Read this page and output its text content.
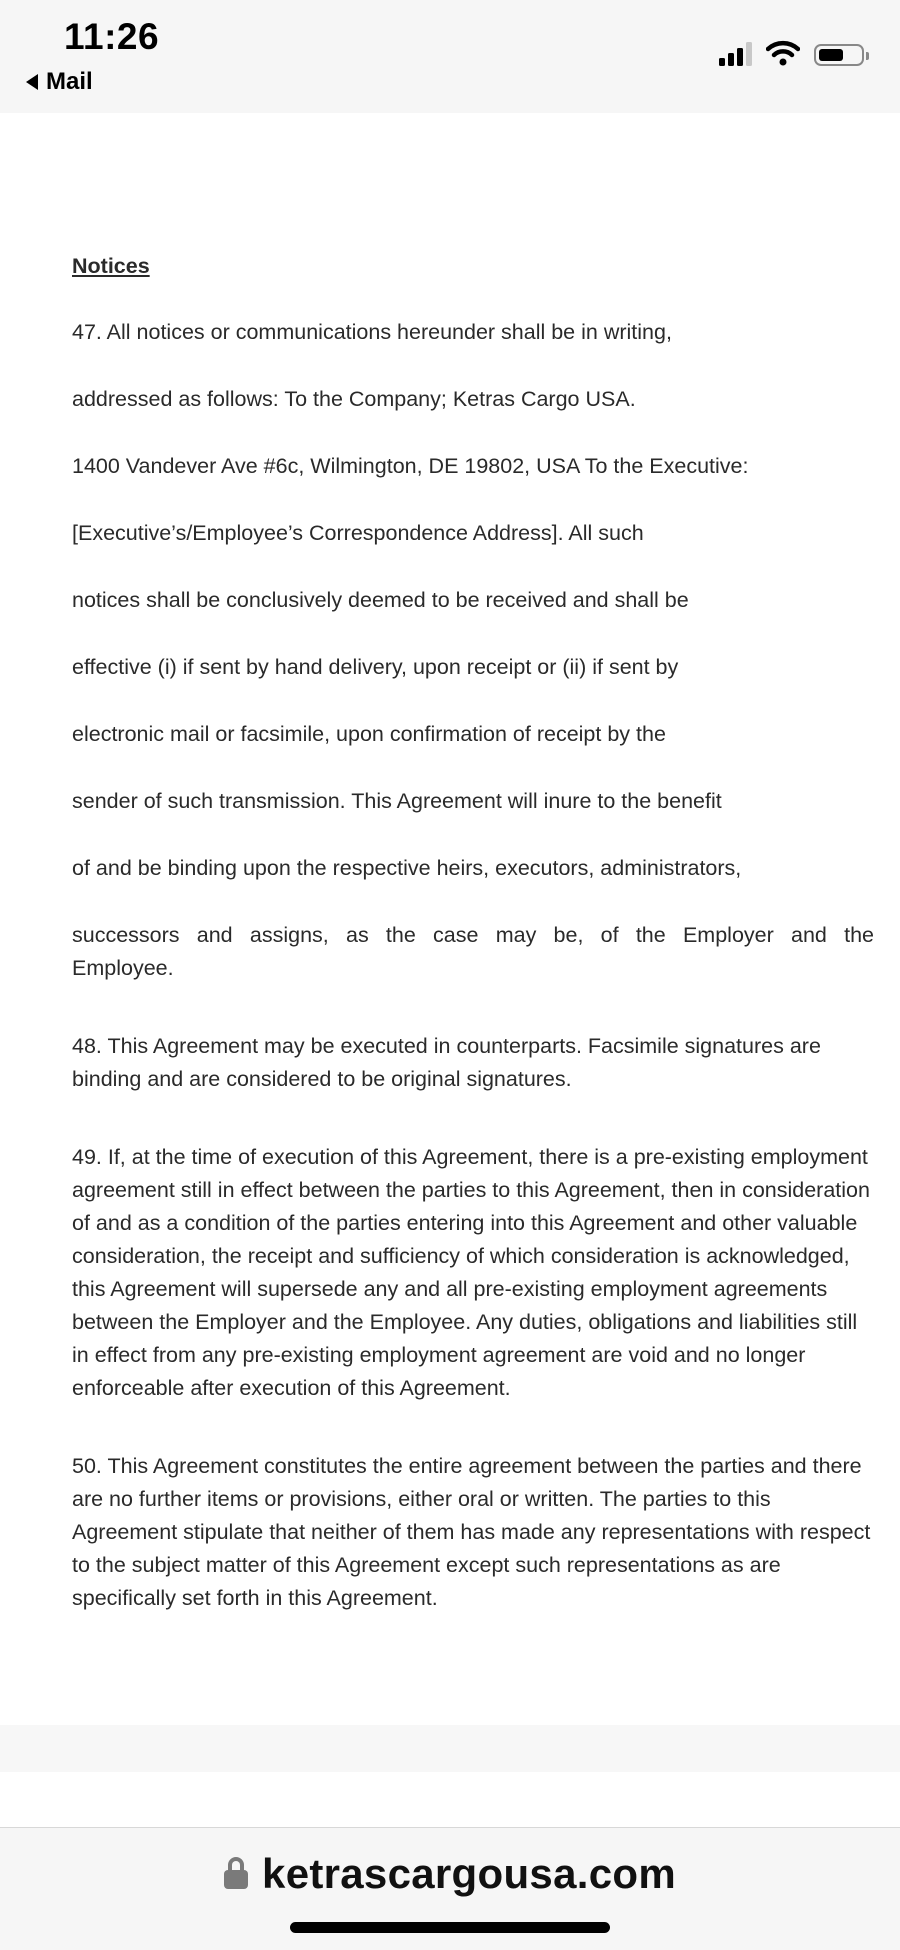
11:26
Mail

Notices

47. All notices or communications hereunder shall be in writing,

addressed as follows: To the Company; Ketras Cargo USA.

1400 Vandever Ave #6c, Wilmington, DE 19802, USA To the Executive:

[Executive’s/Employee’s Correspondence Address]. All such

notices shall be conclusively deemed to be received and shall be

effective (i) if sent by hand delivery, upon receipt or (ii) if sent by

electronic mail or facsimile, upon confirmation of receipt by the

sender of such transmission. This Agreement will inure to the benefit

of and be binding upon the respective heirs, executors, administrators,

successors and assigns, as the case may be, of the Employer and the

Employee.

48. This Agreement may be executed in counterparts. Facsimile signatures are binding and are considered to be original signatures.

49. If, at the time of execution of this Agreement, there is a pre-existing employment agreement still in effect between the parties to this Agreement, then in consideration of and as a condition of the parties entering into this Agreement and other valuable consideration, the receipt and sufficiency of which consideration is acknowledged, this Agreement will supersede any and all pre-existing employment agreements between the Employer and the Employee. Any duties, obligations and liabilities still in effect from any pre-existing employment agreement are void and no longer enforceable after execution of this Agreement.

50. This Agreement constitutes the entire agreement between the parties and there are no further items or provisions, either oral or written. The parties to this Agreement stipulate that neither of them has made any representations with respect to the subject matter of this Agreement except such representations as are specifically set forth in this Agreement.

ketrascargousa.com
